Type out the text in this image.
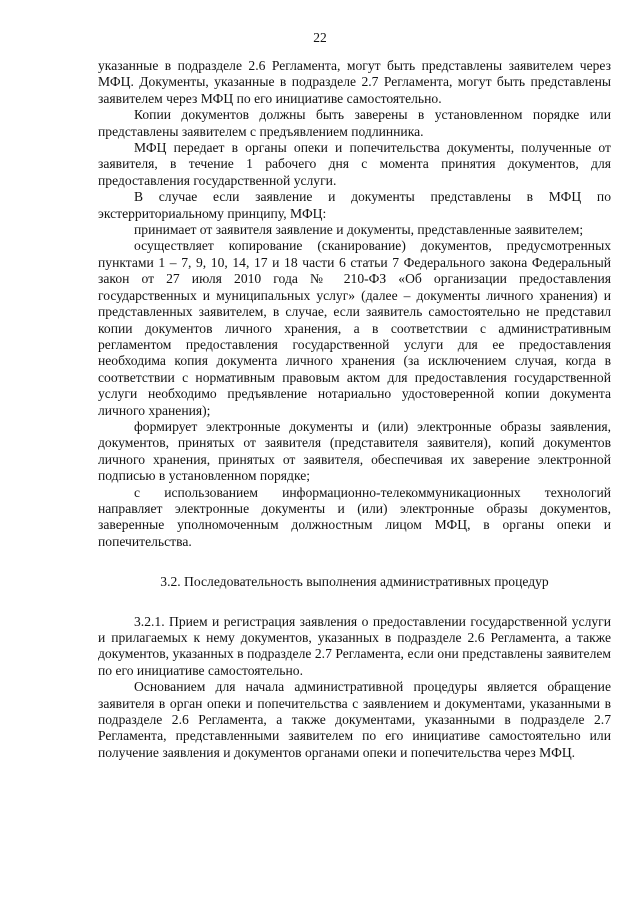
22

указанные в подразделе 2.6 Регламента, могут быть представлены заявителем через МФЦ. Документы, указанные в подразделе 2.7 Регламента, могут быть представлены заявителем через МФЦ по его инициативе самостоятельно.

Копии документов должны быть заверены в установленном порядке или представлены заявителем с предъявлением подлинника.

МФЦ передает в органы опеки и попечительства документы, полученные от заявителя, в течение 1 рабочего дня с момента принятия документов, для предоставления государственной услуги.

В случае если заявление и документы представлены в МФЦ по экстерриториальному принципу, МФЦ:

принимает от заявителя заявление и документы, представленные заявителем;

осуществляет копирование (сканирование) документов, предусмотренных пунктами 1 – 7, 9, 10, 14, 17 и 18 части 6 статьи 7 Федерального закона Федеральный закон от 27 июля 2010 года № 210-ФЗ «Об организации предоставления государственных и муниципальных услуг» (далее – документы личного хранения) и представленных заявителем, в случае, если заявитель самостоятельно не представил копии документов личного хранения, а в соответствии с административным регламентом предоставления государственной услуги для ее предоставления необходима копия документа личного хранения (за исключением случая, когда в соответствии с нормативным правовым актом для предоставления государственной услуги необходимо предъявление нотариально удостоверенной копии документа личного хранения);

формирует электронные документы и (или) электронные образы заявления, документов, принятых от заявителя (представителя заявителя), копий документов личного хранения, принятых от заявителя, обеспечивая их заверение электронной подписью в установленном порядке;

с использованием информационно-телекоммуникационных технологий направляет электронные документы и (или) электронные образы документов, заверенные уполномоченным должностным лицом МФЦ, в органы опеки и попечительства.

3.2. Последовательность выполнения административных процедур

3.2.1. Прием и регистрация заявления о предоставлении государственной услуги и прилагаемых к нему документов, указанных в подразделе 2.6 Регламента, а также документов, указанных в подразделе 2.7 Регламента, если они представлены заявителем по его инициативе самостоятельно.

Основанием для начала административной процедуры является обращение заявителя в орган опеки и попечительства с заявлением и документами, указанными в подразделе 2.6 Регламента, а также документами, указанными в подразделе 2.7 Регламента, представленными заявителем по его инициативе самостоятельно или получение заявления и документов органами опеки и попечительства через МФЦ.
